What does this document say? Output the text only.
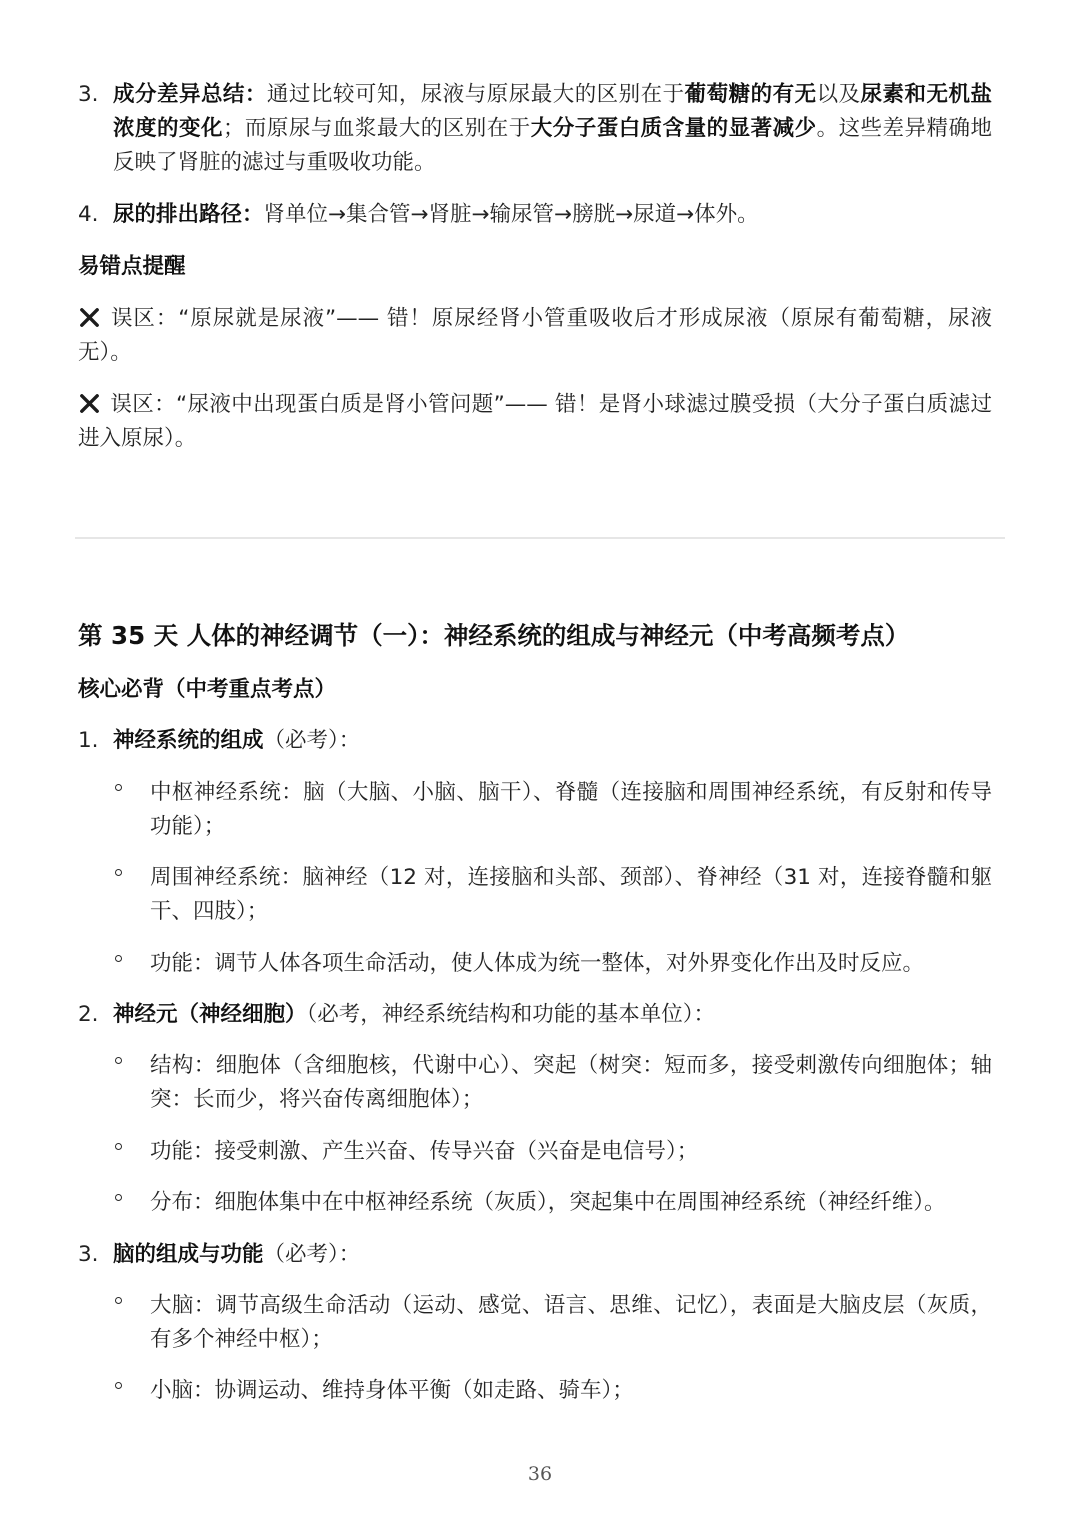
3. 成分差异总结：通过比较可知，尿液与原尿最大的区别在于葡萄糖的有无以及尿素和无机盐浓度的变化；而原尿与血浆最大的区别在于大分子蛋白质含量的显著减少。这些差异精确地反映了肾脏的滤过与重吸收功能。
4. 尿的排出路径：肾单位→集合管→肾脏→输尿管→膀胱→尿道→体外。
易错点提醒

误区：“原尿就是尿液”—— 错！原尿经肾小管重吸收后才形成尿液（原尿有葡萄糖，尿液无）。

误区：“尿液中出现蛋白质是肾小管问题”—— 错！是肾小球滤过膜受损（大分子蛋白质滤过进入原尿）。

第 35 天 人体的神经调节（一）：神经系统的组成与神经元（中考高频考点）
核心必背（中考重点考点）
1. 神经系统的组成（必考）：
中枢神经系统：脑（大脑、小脑、脑干）、脊髓（连接脑和周围神经系统，有反射和传导功能）；
周围神经系统：脑神经（12 对，连接脑和头部、颈部）、脊神经（31 对，连接脊髓和躯干、四肢）；
功能：调节人体各项生命活动，使人体成为统一整体，对外界变化作出及时反应。
2. 神经元（神经细胞）（必考，神经系统结构和功能的基本单位）：
结构：细胞体（含细胞核，代谢中心）、突起（树突：短而多，接受刺激传向细胞体；轴突：长而少，将兴奋传离细胞体）；
功能：接受刺激、产生兴奋、传导兴奋（兴奋是电信号）；
分布：细胞体集中在中枢神经系统（灰质），突起集中在周围神经系统（神经纤维）。
3. 脑的组成与功能（必考）：
大脑：调节高级生命活动（运动、感觉、语言、思维、记忆），表面是大脑皮层（灰质，有多个神经中枢）；
小脑：协调运动、维持身体平衡（如走路、骑车）；
36
